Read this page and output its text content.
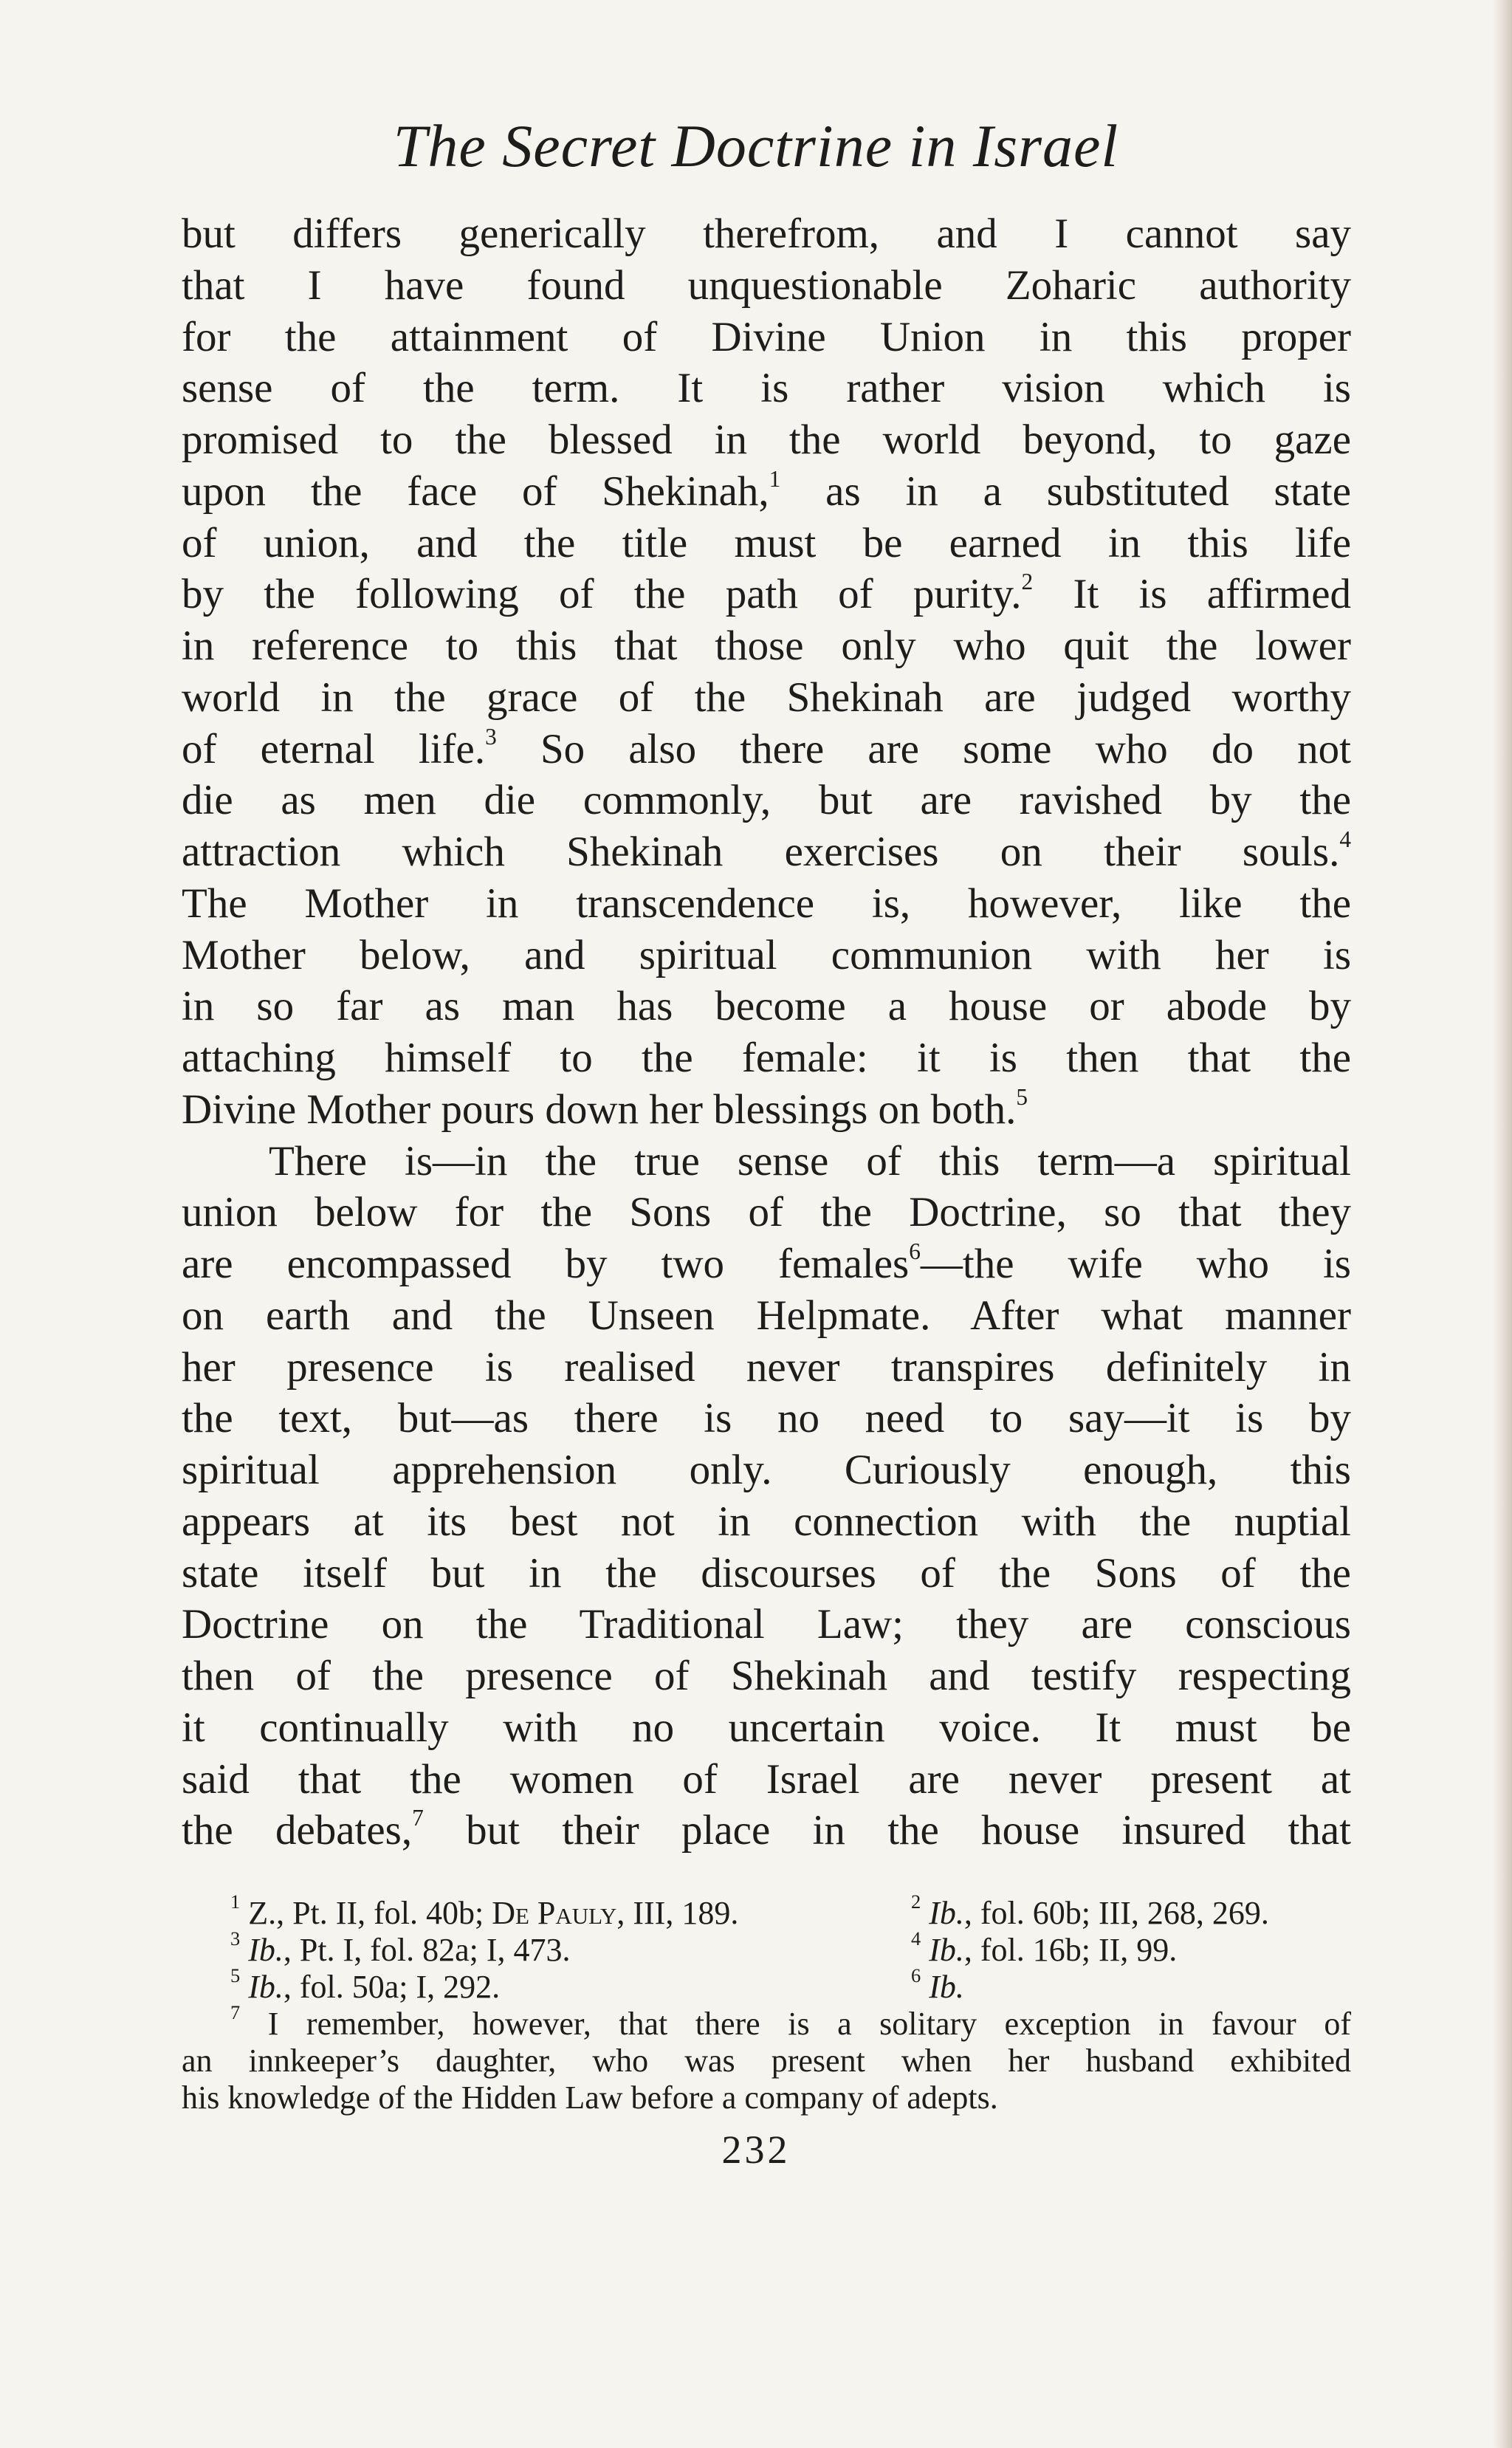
The Secret Doctrine in Israel
but differs generically therefrom, and I cannot say
that I have found unquestionable Zoharic authority
for the attainment of Divine Union in this proper
sense of the term. It is rather vision which is
promised to the blessed in the world beyond, to gaze
upon the face of Shekinah,$^1$ as in a substituted state
of union, and the title must be earned in this life
by the following of the path of purity.$^2$ It is affirmed
in reference to this that those only who quit the lower
world in the grace of the Shekinah are judged worthy
of eternal life.$^3$ So also there are some who do not
die as men die commonly, but are ravished by the
attraction which Shekinah exercises on their souls.$^4$
The Mother in transcendence is, however, like the
Mother below, and spiritual communion with her is
in so far as man has become a house or abode by
attaching himself to the female: it is then that the
Divine Mother pours down her blessings on both.$^5$
There is—in the true sense of this term—a spiritual
union below for the Sons of the Doctrine, so that they
are encompassed by two females$^6$—the wife who is
on earth and the Unseen Helpmate. After what manner
her presence is realised never transpires definitely in
the text, but—as there is no need to say—it is by
spiritual apprehension only. Curiously enough, this
appears at its best not in connection with the nuptial
state itself but in the discourses of the Sons of the
Doctrine on the Traditional Law; they are conscious
then of the presence of Shekinah and testify respecting
it continually with no uncertain voice. It must be
said that the women of Israel are never present at
the debates,$^7$ but their place in the house insured that
$^1$ Z., Pt. II, fol. 40b; De Pauly, III, 189.	$^2$ Ib., fol. 60b; III, 268, 269.
$^3$ Ib., Pt. I, fol. 82a; I, 473.	$^4$ Ib., fol. 16b; II, 99.
$^5$ Ib., fol. 50a; I, 292.	$^6$ Ib.
$^7$ I remember, however, that there is a solitary exception in favour of
an innkeeper’s daughter, who was present when her husband exhibited
his knowledge of the Hidden Law before a company of adepts.
232
